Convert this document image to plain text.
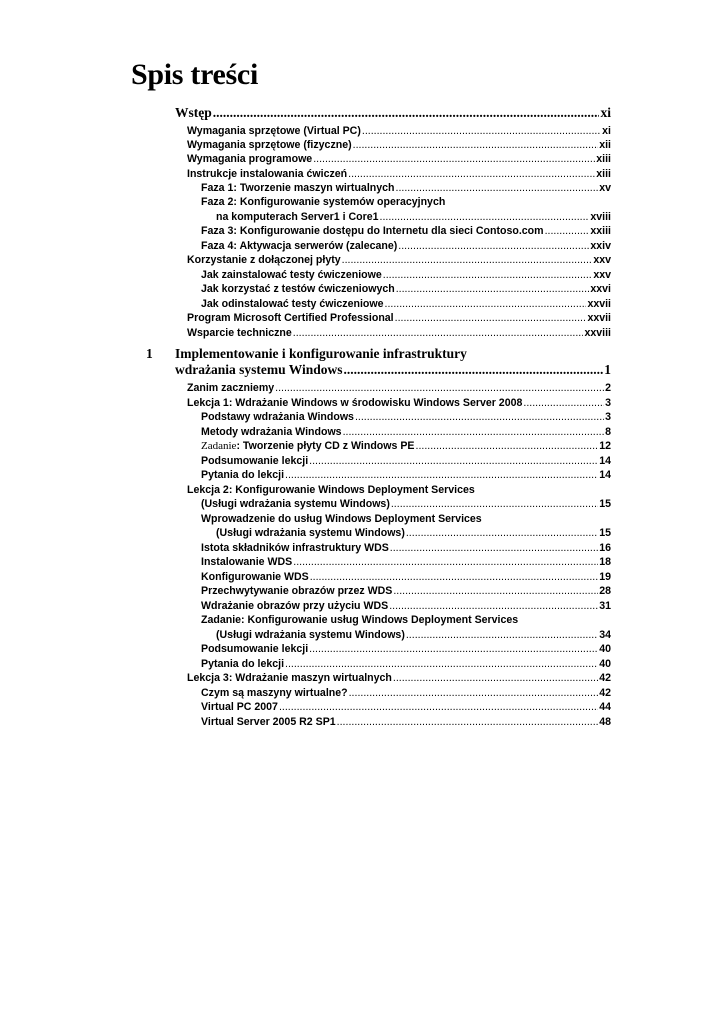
Spis treści
Wstęp .....	xi
Wymagania sprzętowe (Virtual PC) .....	xi
Wymagania sprzętowe (fizyczne) .....	xii
Wymagania programowe .....	xiii
Instrukcje instalowania ćwiczeń .....	xiii
Faza 1: Tworzenie maszyn wirtualnych .....	xv
Faza 2: Konfigurowanie systemów operacyjnych
na komputerach Server1 i Core1 .....	xviii
Faza 3: Konfigurowanie dostępu do Internetu dla sieci Contoso.com .....	xxiii
Faza 4: Aktywacja serwerów (zalecane) .....	xxiv
Korzystanie z dołączonej płyty .....	xxv
Jak zainstalować testy ćwiczeniowe .....	xxv
Jak korzystać z testów ćwiczeniowych .....	xxvi
Jak odinstalować testy ćwiczeniowe .....	xxvii
Program Microsoft Certified Professional .....	xxvii
Wsparcie techniczne .....	xxviii
1 Implementowanie i konfigurowanie infrastruktury
wdrażania systemu Windows .....	1
Zanim zaczniemy .....	2
Lekcja 1: Wdrażanie Windows w środowisku Windows Server 2008 .....	3
Podstawy wdrażania Windows .....	3
Metody wdrażania Windows .....	8
Zadanie: Tworzenie płyty CD z Windows PE .....	12
Podsumowanie lekcji .....	14
Pytania do lekcji .....	14
Lekcja 2: Konfigurowanie Windows Deployment Services
(Usługi wdrażania systemu Windows) .....	15
Wprowadzenie do usług Windows Deployment Services
(Usługi wdrażania systemu Windows) .....	15
Istota składników infrastruktury WDS .....	16
Instalowanie WDS .....	18
Konfigurowanie WDS .....	19
Przechwytywanie obrazów przez WDS .....	28
Wdrażanie obrazów przy użyciu WDS .....	31
Zadanie: Konfigurowanie usług Windows Deployment Services
(Usługi wdrażania systemu Windows) .....	34
Podsumowanie lekcji .....	40
Pytania do lekcji .....	40
Lekcja 3: Wdrażanie maszyn wirtualnych .....	42
Czym są maszyny wirtualne? .....	42
Virtual PC 2007 .....	44
Virtual Server 2005 R2 SP1 .....	48
